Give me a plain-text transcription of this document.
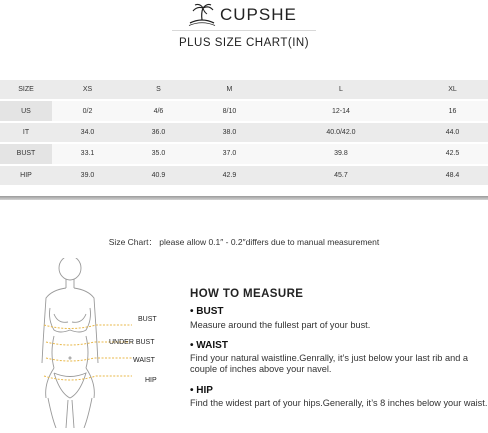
CUPSHE
PLUS SIZE CHART(IN)
SIZE	XS	S	M	L	XL
US	0/2	4/6	8/10	12-14	16
IT	34.0	36.0	38.0	40.0/42.0	44.0
BUST	33.1	35.0	37.0	39.8	42.5
HIP	39.0	40.9	42.9	45.7	48.4
Size Chart： please allow 0.1″ - 0.2″differs due to manual measurement
BUST
UNDER BUST
WAIST
HIP
HOW TO MEASURE
• BUST
Measure around the fullest part of your bust.
• WAIST
Find your natural waistline.Genrally, it’s just below your last rib and a couple of inches above your navel.
• HIP
Find the widest part of your hips.Generally, it’s 8 inches below your waist.
